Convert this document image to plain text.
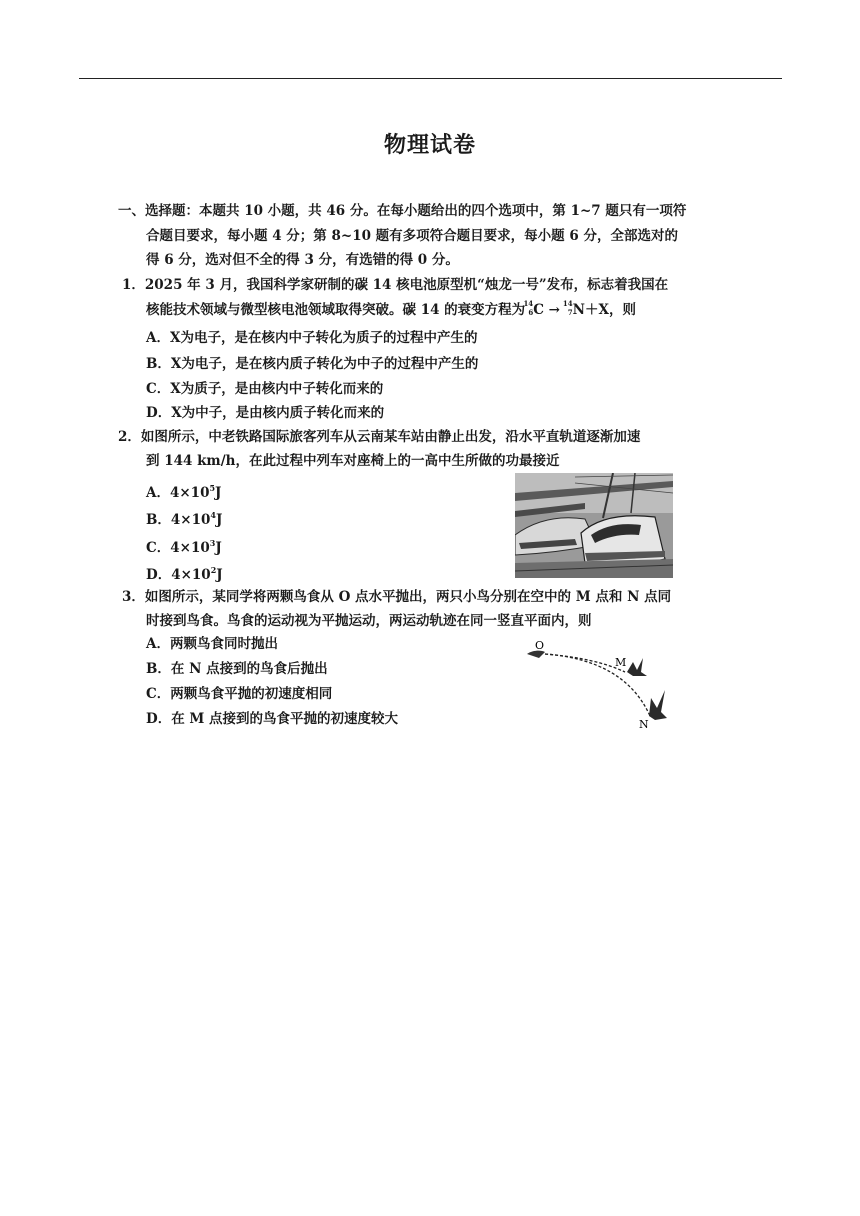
物理试卷
一、选择题：本题共 10 小题，共 46 分。在每小题给出的四个选项中，第 1~7 题只有一项符
合题目要求，每小题 4 分；第 8~10 题有多项符合题目要求，每小题 6 分，全部选对的
得 6 分，选对但不全的得 3 分，有选错的得 0 分。
1．2025 年 3 月，我国科学家研制的碳 14 核电池原型机“烛龙一号”发布，标志着我国在
核能技术领域与微型核电池领域取得突破。碳 14 的衰变方程为
14
6 C →
14
7 N＋X，则
A．X为电子，是在核内中子转化为质子的过程中产生的
B．X为电子，是在核内质子转化为中子的过程中产生的
C．X为质子，是由核内中子转化而来的
D．X为中子，是由核内质子转化而来的
2．如图所示，中老铁路国际旅客列车从云南某车站由静止出发，沿水平直轨道逐渐加速
到 144 km/h，在此过程中列车对座椅上的一高中生所做的功最接近
A．$4\times 10^5J$
B．$4\times 10^4J$
C．$4\times 10^3J$
D．$4\times 10^2J$
3．如图所示，某同学将两颗鸟食从 O 点水平抛出，两只小鸟分别在空中的 M 点和 N 点同
时接到鸟食。鸟食的运动视为平抛运动，两运动轨迹在同一竖直平面内，则
A．两颗鸟食同时抛出
B．在 N 点接到的鸟食后抛出
C．两颗鸟食平抛的初速度相同
D．在 M 点接到的鸟食平抛的初速度较大
O
M
N
